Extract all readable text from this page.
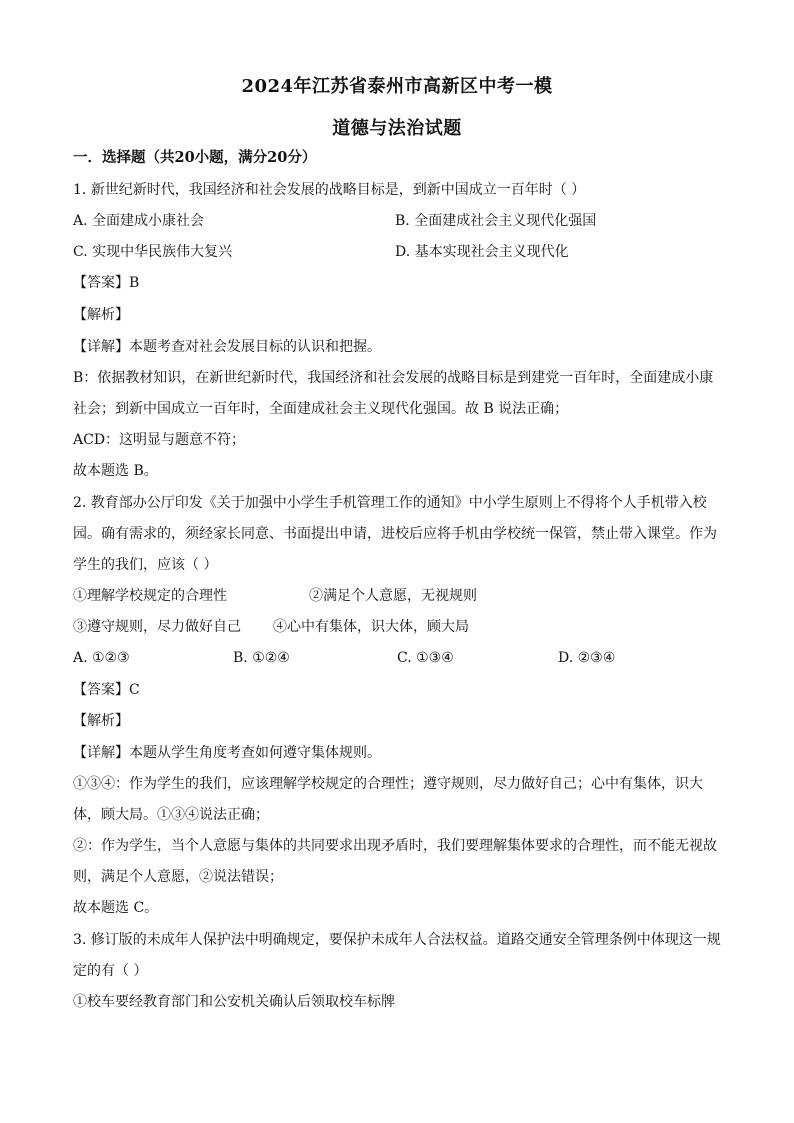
2024年江苏省泰州市高新区中考一模
道德与法治试题
一．选择题（共20小题，满分20分）
1. 新世纪新时代，我国经济和社会发展的战略目标是，到新中国成立一百年时（ ）
A. 全面建成小康社会	B. 全面建成社会主义现代化强国
C. 实现中华民族伟大复兴	D. 基本实现社会主义现代化
【答案】B
【解析】
【详解】本题考查对社会发展目标的认识和把握。
B：依据教材知识，在新世纪新时代，我国经济和社会发展的战略目标是到建党一百年时，全面建成小康
社会；到新中国成立一百年时，全面建成社会主义现代化强国。故 B 说法正确；
ACD：这明显与题意不符；
故本题选 B。
2. 教育部办公厅印发《关于加强中小学生手机管理工作的通知》中小学生原则上不得将个人手机带入校
园。确有需求的，须经家长同意、书面提出申请，进校后应将手机由学校统一保管，禁止带入课堂。作为
学生的我们，应该（ ）
①理解学校规定的合理性	②满足个人意愿，无视规则
③遵守规则，尽力做好自己 ④心中有集体，识大体，顾大局
A. ①②③	B. ①②④	C. ①③④	D. ②③④
【答案】C
【解析】
【详解】本题从学生角度考查如何遵守集体规则。
①③④：作为学生的我们，应该理解学校规定的合理性；遵守规则，尽力做好自己；心中有集体，识大
体，顾大局。①③④说法正确；
②：作为学生，当个人意愿与集体的共同要求出现矛盾时，我们要理解集体要求的合理性，而不能无视故
则，满足个人意愿，②说法错误；
故本题选 C。
3. 修订版的未成年人保护法中明确规定，要保护未成年人合法权益。道路交通安全管理条例中体现这一规
定的有（ ）
①校车要经教育部门和公安机关确认后领取校车标牌
